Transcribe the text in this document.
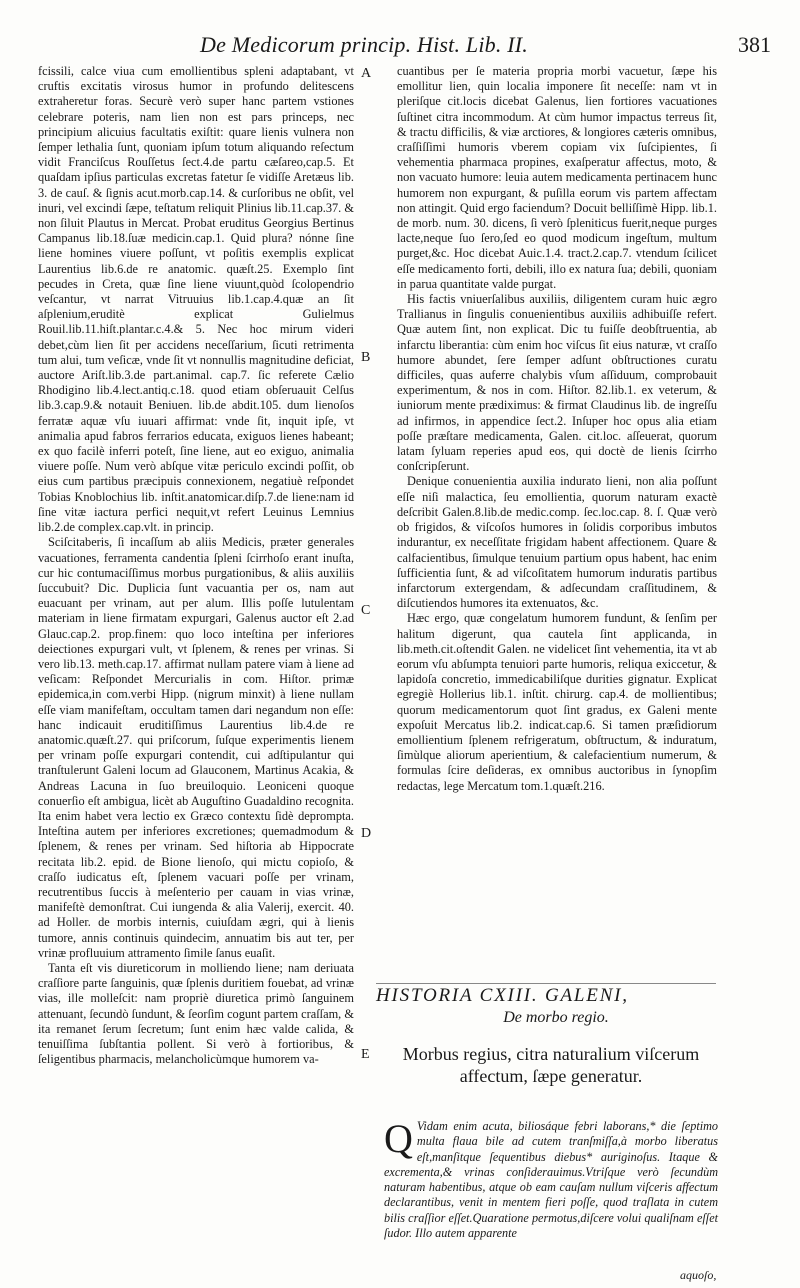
De Medicorum princip. Hist. Lib. II.	381

fcissili, calce viua cum emollientibus spleni adaptabant, vt cruftis excitatis virosus humor in profundo delitescens extraheretur foras. Securè verò super hanc partem vstiones celebrare poteris, nam lien non est pars princeps, nec principium alicuius facultatis exiſtit: quare lienis vulnera non ſemper lethalia ſunt, quoniam ipſum totum aliquando reſectum vidit Franciſcus Rouſſetus ſect.4.de partu cæſareo,cap.5. Et quaſdam ipſius particulas excretas fatetur ſe vidiſſe Aretæus lib. 3. de cauſ. & ſignis acut.morb.cap.14. & curſoribus ne obſit, vel inuri, vel excindi ſæpe, teſtatum reliquit Plinius lib.11.cap.37. & non ſiluit Plautus in Mercat. Probat eruditus Georgius Bertinus Campanus lib.18.ſuæ medicin.cap.1. Quid plura? nónne ſine liene homines viuere poſſunt, vt poſitis exemplis explicat Laurentius lib.6.de re anatomic. quæſt.25. Exemplo ſint pecudes in Creta, quæ ſine liene viuunt,quòd ſcolopendrio veſcantur, vt narrat Vitruuius lib.1.cap.4.quæ an ſit aſplenium,eruditè explicat Gulielmus Rouil.lib.11.hiſt.plantar.c.4.& 5. Nec hoc mirum videri debet,cùm lien ſit per accidens neceſſarium, ſicuti retrimenta tum alui, tum veſicæ, vnde ſit vt nonnullis magnitudine deficiat, auctore Ariſt.lib.3.de part.animal. cap.7. ſic referete Cælio Rhodigino lib.4.lect.antiq.c.18. quod etiam obſeruauit Celſus lib.3.cap.9.& notauit Beniuen. lib.de abdit.105. dum lienoſos ferratæ aquæ vſu iuuari affirmat: vnde ſit, inquit ipſe, vt animalia apud fabros ferrarios educata, exiguos lienes habeant; ex quo facilè inferri poteſt, ſine liene, aut eo exiguo, animalia viuere poſſe. Num verò abſque vitæ periculo excindi poſſit, ob eius cum partibus præcipuis connexionem, negatiuè reſpondet Tobias Knoblochius lib. inſtit.anatomicar.diſp.7.de liene:nam id ſine vitæ iactura perfici nequit,vt refert Leuinus Lemnius lib.2.de complex.cap.vlt. in princip.

Sciſcitaberis, ſi incaſſum ab aliis Medicis, præter generales vacuationes, ferramenta candentia ſpleni ſcirrhoſo erant inuſta, cur hic contumaciſſimus morbus purgationibus, & aliis auxiliis ſuccubuit? Dic. Duplicia ſunt vacuantia per os, nam aut euacuant per vrinam, aut per alum. Illis poſſe lutulentam materiam in liene firmatam expurgari, Galenus auctor eſt 2.ad Glauc.cap.2. prop.finem: quo loco inteſtina per inferiores deiectiones expurgari vult, vt ſplenem, & renes per vrinas. Si vero lib.13. meth.cap.17. affirmat nullam patere viam à liene ad veſicam: Reſpondet Mercurialis in com. Hiſtor. primæ epidemica,in com.verbi Hipp. (nigrum minxit) à liene nullam eſſe viam manifeſtam, occultam tamen dari negandum non eſſe: hanc indicauit eruditiſſimus Laurentius lib.4.de re anatomic.quæſt.27. qui priſcorum, ſuſque experimentis lienem per vrinam poſſe expurgari contendit, cui adſtipulantur qui tranſtulerunt Galeni locum ad Glauconem, Martinus Acakia, & Andreas Lacuna in ſuo breuiloquio. Leoniceni quoque conuerſio eſt ambigua, licèt ab Auguſtino Guadaldino recognita. Ita enim habet vera lectio ex Græco contextu ſidè deprompta. Inteſtina autem per inferiores excretiones; quemadmodum & ſplenem, & renes per vrinam. Sed hiſtoria ab Hippocrate recitata lib.2. epid. de Bione lienoſo, qui mictu copioſo, & craſſo iudicatus eſt, ſplenem vacuari poſſe per vrinam, recutrentibus ſuccis à meſenterio per cauam in vias vrinæ, manifeſtè demonſtrat. Cui iungenda & alia Valerij, exercit. 40. ad Holler. de morbis internis, cuiuſdam ægri, qui à lienis tumore, annis continuis quindecim, annuatim bis aut ter, per vrinæ profluuium attramento ſimile ſanus euaſit.

Tanta eſt vis diureticorum in molliendo liene; nam deriuata craſſiore parte ſanguinis, quæ ſplenis duritiem fouebat, ad vrinæ vias, ille molleſcit: nam propriè diuretica primò ſanguinem attenuant, ſecundò ſundunt, & ſeorſim cogunt partem craſſam, & ita remanet ſerum ſecretum; ſunt enim hæc valde calida, & tenuiſſima ſubſtantia pollent. Si verò à fortioribus, & ſeligentibus pharmacis, melancholicùmque humorem va-

A
B
C
D
E

cuantibus per ſe materia propria morbi vacuetur, ſæpe his emollitur lien, quin localia imponere ſit neceſſe: nam vt in pleriſque cit.locis dicebat Galenus, lien fortiores vacuationes ſuſtinet citra incommodum. At cùm humor impactus terreus ſit, & tractu difficilis, & viæ arctiores, & longiores cæteris omnibus, craſſiſſimi humoris vberem copiam vix ſuſcipientes, ſi vehementia pharmaca propines, exaſperatur affectus, moto, & non vacuato humore: leuia autem medicamenta pertinacem hunc humorem non expurgant, & puſilla eorum vis partem affectam non attingit. Quid ergo faciendum? Docuit belliſſimè Hipp. lib.1. de morb. num. 30. dicens, ſi verò ſpleniticus fuerit,neque purges lacte,neque ſuo ſero,ſed eo quod modicum ingeſtum, multum purget,&c. Hoc dicebat Auic.1.4. tract.2.cap.7. vtendum ſcilicet eſſe medicamento forti, debili, illo ex natura ſua; debili, quoniam in parua quantitate valde purgat.

His factis vniuerſalibus auxiliis, diligentem curam huic ægro Trallianus in ſingulis conuenientibus auxiliis adhibuiſſe refert. Quæ autem ſint, non explicat. Dic tu fuiſſe deobſtruentia, ab infarctu liberantia: cùm enim hoc viſcus ſit eius naturæ, vt craſſo humore abundet, ſere ſemper adſunt obſtructiones curatu difficiles, quas auferre chalybis vſum aſſiduum, comprobauit experimentum, & nos in com. Hiſtor. 82.lib.1. ex veterum, & iuniorum mente prædiximus: & firmat Claudinus lib. de ingreſſu ad infirmos, in appendice ſect.2. Inſuper hoc opus alia etiam poſſe præſtare medicamenta, Galen. cit.loc. aſſeuerat, quorum latam ſyluam reperies apud eos, qui doctè de lienis ſcirrho conſcripſerunt.

Denique conuenientia auxilia indurato lieni, non alia poſſunt eſſe niſi malactica, ſeu emollientia, quorum naturam exactè deſcribit Galen.8.lib.de medic.comp. ſec.loc.cap. 8. ſ. Quæ verò ob frigidos, & viſcoſos humores in ſolidis corporibus imbutos indurantur, ex neceſſitate frigidam habent affectionem. Quare & calfacientibus, ſimulque tenuium partium opus habent, hac enim ſufficientia ſunt, & ad viſcoſitatem humorum induratis partibus infarctorum extergendam, & adſecundam craſſitudinem, & diſcutiendos humores ita extenuatos, &c.

Hæc ergo, quæ congelatum humorem fundunt, & ſenſim per halitum digerunt, qua cautela ſint applicanda, in lib.meth.cit.oſtendit Galen. ne videlicet ſint vehementia, ita vt ab eorum vſu abſumpta tenuiori parte humoris, reliqua exiccetur, & lapidoſa concretio, immedicabiliſque durities gignatur. Explicat egregiè Hollerius lib.1. inſtit. chirurg. cap.4. de mollientibus; quorum medicamentorum quot ſint gradus, ex Galeni mente expoſuit Mercatus lib.2. indicat.cap.6. Si tamen præſidiorum emollientium ſplenem refrigeratum, obſtructum, & induratum, ſimùlque aliorum aperientium, & calefacientium numerum, & formulas ſcire deſideras, ex omnibus auctoribus in ſynopſim redactas, lege Mercatum tom.1.quæſt.216.

HISTORIA CXIII. GALENI,
De morbo regio.
Morbus regius, citra naturalium viſcerum affectum, ſæpe generatur.
Q Vidam enim acuta, biliosáque febri laborans,* die ſeptimo multa flaua bile ad cutem tranſmiſſa,à morbo liberatus eſt,manſitque ſequentibus diebus* auriginoſus. Itaque & excrementa,& vrinas conſiderauimus.Vtriſque verò ſecundùm naturam habentibus, atque ob eam cauſam nullum viſceris affectum declarantibus, venit in mentem fieri poſſe, quod traſlata in cutem bilis craſſior eſſet.Quaratione permotus,diſcere volui qualiſnam eſſet ſudor. Illo autem apparente
aquoſo,
